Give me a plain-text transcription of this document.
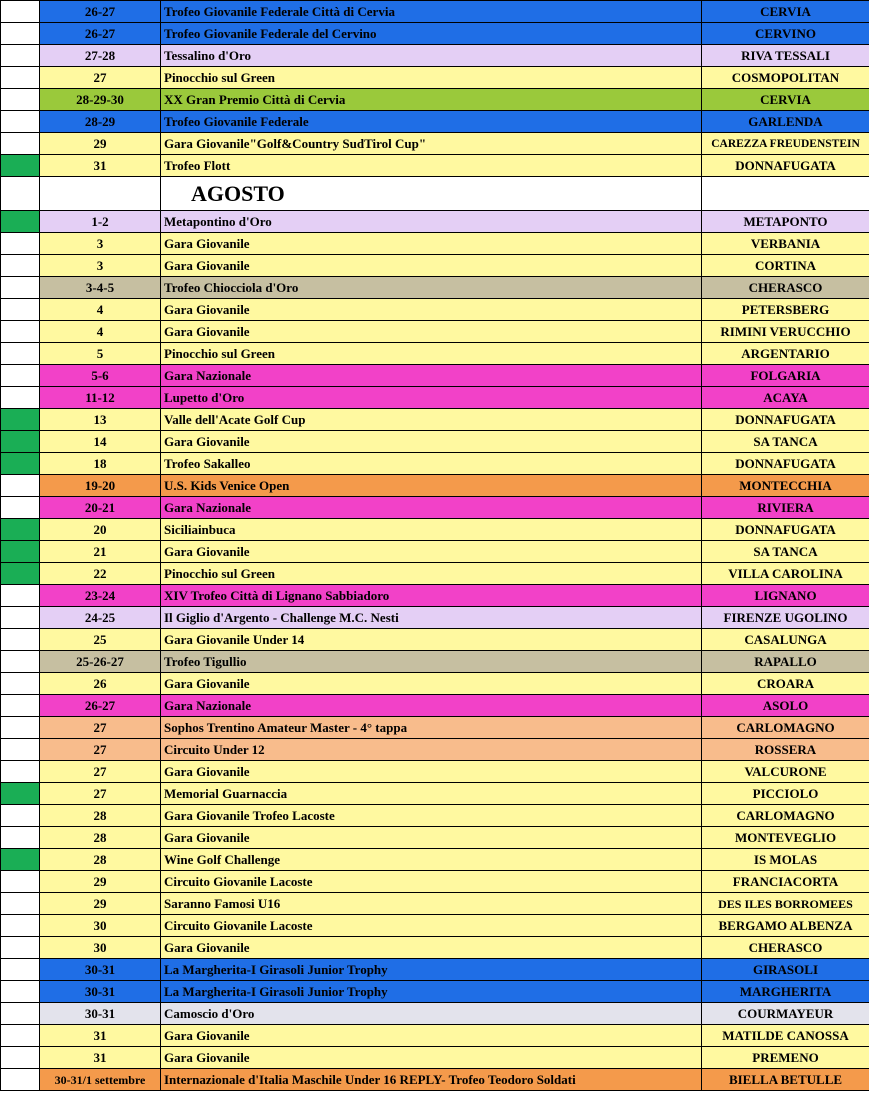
	26-27	Trofeo Giovanile Federale Città di Cervia	CERVIA
	26-27	Trofeo Giovanile Federale del Cervino	CERVINO
	27-28	Tessalino d'Oro	RIVA TESSALI
	27	Pinocchio sul Green	COSMOPOLITAN
	28-29-30	XX Gran Premio Città di Cervia	CERVIA
	28-29	Trofeo Giovanile Federale	GARLENDA
	29	Gara Giovanile"Golf&Country SudTirol Cup"	CAREZZA FREUDENSTEIN
	31	Trofeo Flott	DONNAFUGATA
		AGOSTO	
	1-2	Metapontino d'Oro	METAPONTO
	3	Gara Giovanile	VERBANIA
	3	Gara Giovanile	CORTINA
	3-4-5	Trofeo Chiocciola d'Oro	CHERASCO
	4	Gara Giovanile	PETERSBERG
	4	Gara Giovanile	RIMINI VERUCCHIO
	5	Pinocchio sul Green	ARGENTARIO
	5-6	Gara Nazionale	FOLGARIA
	11-12	Lupetto d'Oro	ACAYA
	13	Valle dell'Acate Golf Cup	DONNAFUGATA
	14	Gara Giovanile	SA TANCA
	18	Trofeo Sakalleo	DONNAFUGATA
	19-20	U.S. Kids Venice Open	MONTECCHIA
	20-21	Gara Nazionale	RIVIERA
	20	Siciliainbuca	DONNAFUGATA
	21	Gara Giovanile	SA TANCA
	22	Pinocchio sul Green	VILLA CAROLINA
	23-24	XIV Trofeo Città di Lignano Sabbiadoro	LIGNANO
	24-25	Il Giglio d'Argento - Challenge M.C. Nesti	FIRENZE UGOLINO
	25	Gara Giovanile Under 14	CASALUNGA
	25-26-27	Trofeo Tigullio	RAPALLO
	26	Gara Giovanile	CROARA
	26-27	Gara Nazionale	ASOLO
	27	Sophos Trentino Amateur Master - 4° tappa	CARLOMAGNO
	27	Circuito Under 12	ROSSERA
	27	Gara Giovanile	VALCURONE
	27	Memorial Guarnaccia	PICCIOLO
	28	Gara Giovanile Trofeo Lacoste	CARLOMAGNO
	28	Gara Giovanile	MONTEVEGLIO
	28	Wine Golf Challenge	IS MOLAS
	29	Circuito Giovanile Lacoste	FRANCIACORTA
	29	Saranno Famosi U16	DES ILES BORROMEES
	30	Circuito Giovanile Lacoste	BERGAMO ALBENZA
	30	Gara Giovanile	CHERASCO
	30-31	La Margherita-I Girasoli Junior Trophy	GIRASOLI
	30-31	La Margherita-I Girasoli Junior Trophy	MARGHERITA
	30-31	Camoscio d'Oro	COURMAYEUR
	31	Gara Giovanile	MATILDE CANOSSA
	31	Gara Giovanile	PREMENO
	30-31/1 settembre	Internazionale d'Italia Maschile Under 16 REPLY- Trofeo Teodoro Soldati	BIELLA BETULLE
